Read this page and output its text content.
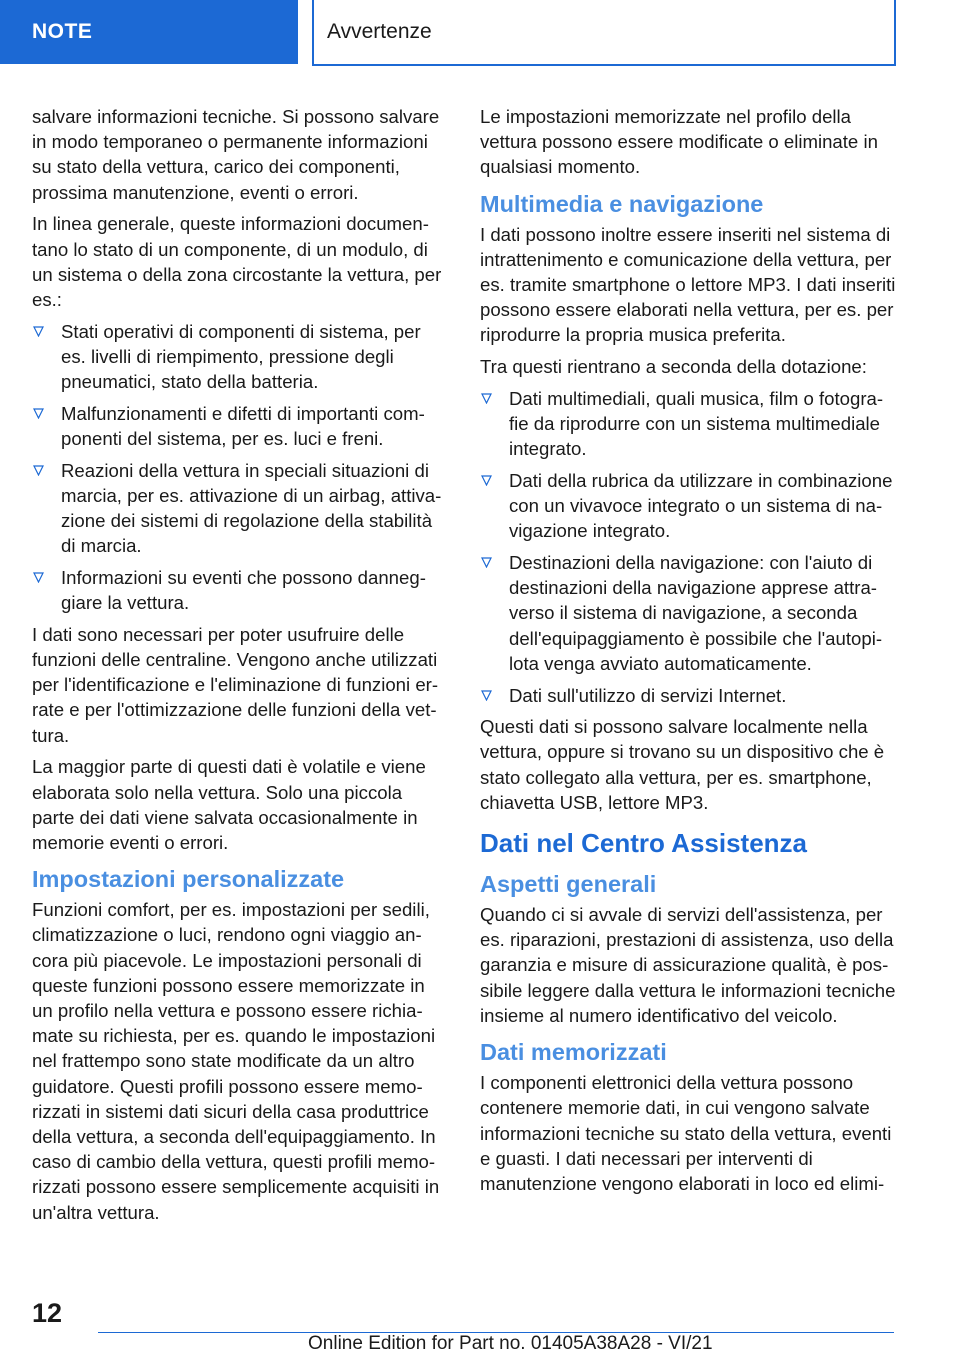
NOTE	Avvertenze

salvare informazioni tecniche. Si possono salvare in modo temporaneo o permanente informazioni su stato della vettura, carico dei componenti, prossima manutenzione, eventi o errori.

In linea generale, queste informazioni documentano lo stato di un componente, di un modulo, di un sistema o della zona circostante la vettura, per es.:

Stati operativi di componenti di sistema, per es. livelli di riempimento, pressione degli pneumatici, stato della batteria.
Malfunzionamenti e difetti di importanti componenti del sistema, per es. luci e freni.
Reazioni della vettura in speciali situazioni di marcia, per es. attivazione di un airbag, attivazione dei sistemi di regolazione della stabilità di marcia.
Informazioni su eventi che possono danneggiare la vettura.

I dati sono necessari per poter usufruire delle funzioni delle centraline. Vengono anche utilizzati per l'identificazione e l'eliminazione di funzioni errate e per l'ottimizzazione delle funzioni della vettura.

La maggior parte di questi dati è volatile e viene elaborata solo nella vettura. Solo una piccola parte dei dati viene salvata occasionalmente in memorie eventi o errori.

Impostazioni personalizzate

Funzioni comfort, per es. impostazioni per sedili, climatizzazione o luci, rendono ogni viaggio ancora più piacevole. Le impostazioni personali di queste funzioni possono essere memorizzate in un profilo nella vettura e possono essere richiamate su richiesta, per es. quando le impostazioni nel frattempo sono state modificate da un altro guidatore. Questi profili possono essere memorizzati in sistemi dati sicuri della casa produttrice della vettura, a seconda dell'equipaggiamento. In caso di cambio della vettura, questi profili memorizzati possono essere semplicemente acquisiti in un'altra vettura.

Le impostazioni memorizzate nel profilo della vettura possono essere modificate o eliminate in qualsiasi momento.

Multimedia e navigazione

I dati possono inoltre essere inseriti nel sistema di intrattenimento e comunicazione della vettura, per es. tramite smartphone o lettore MP3. I dati inseriti possono essere elaborati nella vettura, per es. per riprodurre la propria musica preferita.

Tra questi rientrano a seconda della dotazione:

Dati multimediali, quali musica, film o fotografie da riprodurre con un sistema multimediale integrato.
Dati della rubrica da utilizzare in combinazione con un vivavoce integrato o un sistema di navigazione integrato.
Destinazioni della navigazione: con l'aiuto di destinazioni della navigazione apprese attraverso il sistema di navigazione, a seconda dell'equipaggiamento è possibile che l'autopilota venga avviato automaticamente.
Dati sull'utilizzo di servizi Internet.

Questi dati si possono salvare localmente nella vettura, oppure si trovano su un dispositivo che è stato collegato alla vettura, per es. smartphone, chiavetta USB, lettore MP3.

Dati nel Centro Assistenza
Aspetti generali

Quando ci si avvale di servizi dell'assistenza, per es. riparazioni, prestazioni di assistenza, uso della garanzia e misure di assicurazione qualità, è possibile leggere dalla vettura le informazioni tecniche insieme al numero identificativo del veicolo.

Dati memorizzati

I componenti elettronici della vettura possono contenere memorie dati, in cui vengono salvate informazioni tecniche su stato della vettura, eventi e guasti. I dati necessari per interventi di manutenzione vengono elaborati in loco ed elimi-

12
Online Edition for Part no. 01405A38A28 - VI/21
